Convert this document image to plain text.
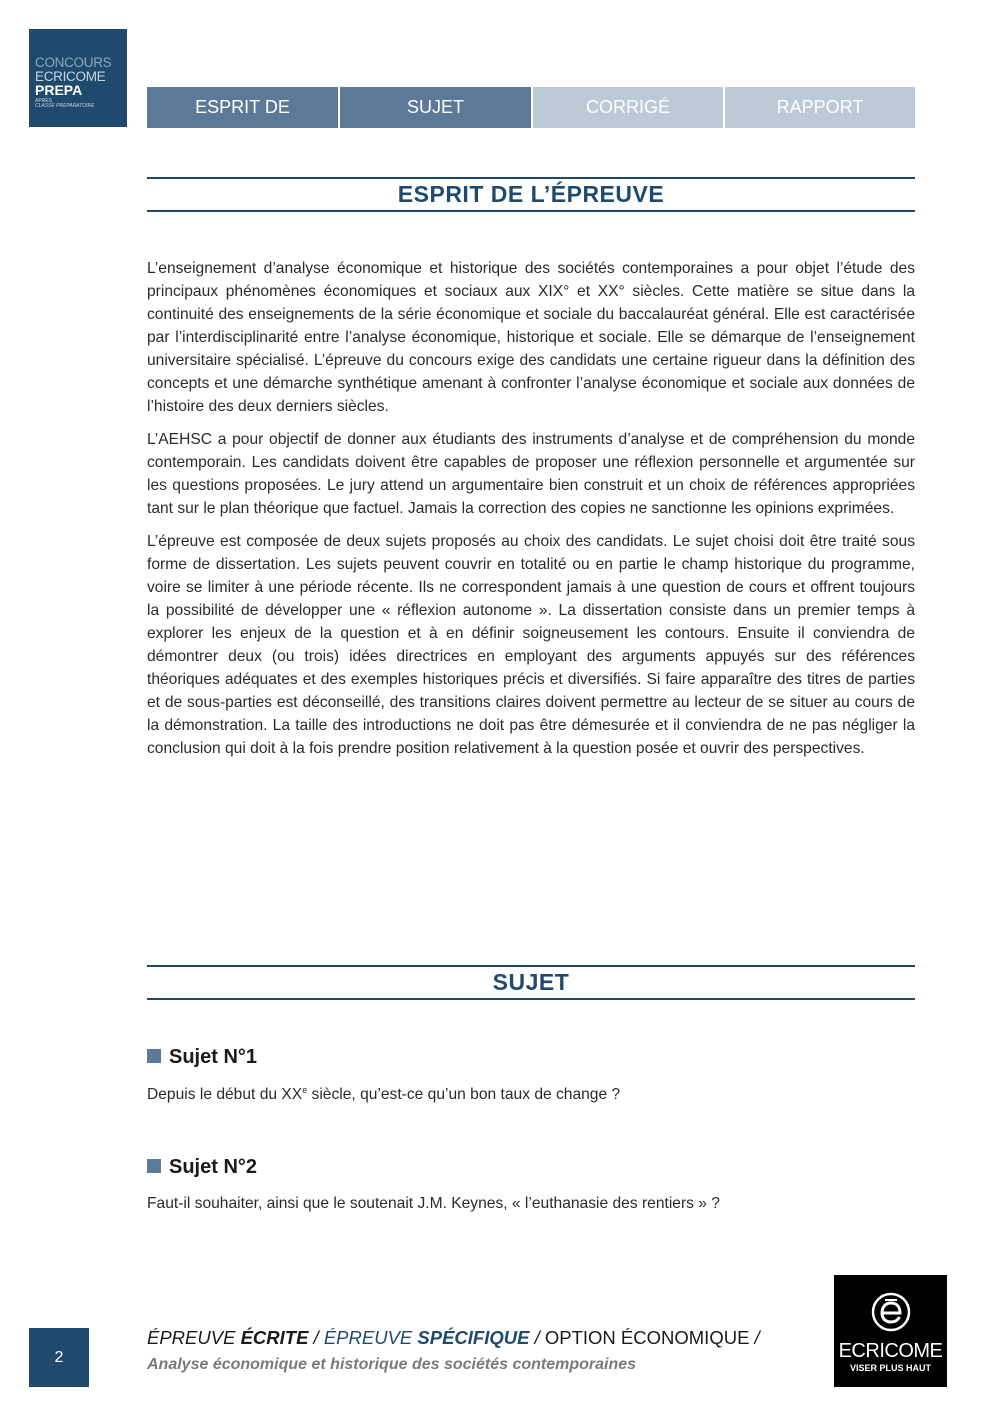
CONCOURS
ECRICOME
PREPA
APRÈS
CLASSE PRÉPARATOIRE	ESPRIT DE L’ÉPREUVE
SUJET	CORRIGÉ	RAPPORT
ESPRIT DE L’ÉPREUVE

L’enseignement d’analyse économique et historique des sociétés contemporaines a pour objet l’étude des principaux phénomènes économiques et sociaux aux XIX° et XX° siècles. Cette matière se situe dans la continuité des enseignements de la série économique et sociale du baccalauréat général. Elle est caractérisée par l’interdisciplinarité entre l’analyse économique, historique et sociale. Elle se démarque de l’enseignement universitaire spécialisé. L’épreuve du concours exige des candidats une certaine rigueur dans la définition des concepts et une démarche synthétique amenant à confronter l’analyse économique et sociale aux données de l’histoire des deux derniers siècles.

L’AEHSC a pour objectif de donner aux étudiants des instruments d’analyse et de compréhension du monde contemporain. Les candidats doivent être capables de proposer une réflexion personnelle et argumentée sur les questions proposées. Le jury attend un argumentaire bien construit et un choix de références appropriées tant sur le plan théorique que factuel. Jamais la correction des copies ne sanctionne les opinions exprimées.

L’épreuve est composée de deux sujets proposés au choix des candidats. Le sujet choisi doit être traité sous forme de dissertation. Les sujets peuvent couvrir en totalité ou en partie le champ historique du programme, voire se limiter à une période récente. Ils ne correspondent jamais à une question de cours et offrent toujours la possibilité de développer une « réflexion autonome ». La dissertation consiste dans un premier temps à explorer les enjeux de la question et à en définir soigneusement les contours. Ensuite il conviendra de démontrer deux (ou trois) idées directrices en employant des arguments appuyés sur des références théoriques adéquates et des exemples historiques précis et diversifiés. Si faire apparaître des titres de parties et de sous-parties est déconseillé, des transitions claires doivent permettre au lecteur de se situer au cours de la démonstration. La taille des introductions ne doit pas être démesurée et il conviendra de ne pas négliger la conclusion qui doit à la fois prendre position relativement à la question posée et ouvrir des perspectives.

SUJET
Sujet N°1
Depuis le début du XXe siècle, qu’est-ce qu’un bon taux de change ?
Sujet N°2
Faut-il souhaiter, ainsi que le soutenait J.M. Keynes, « l’euthanasie des rentiers » ?
2
ÉPREUVE ÉCRITE / ÉPREUVE SPÉCIFIQUE / OPTION ÉCONOMIQUE /
Analyse économique et historique des sociétés contemporaines
ECRICOME
VISER PLUS HAUT
